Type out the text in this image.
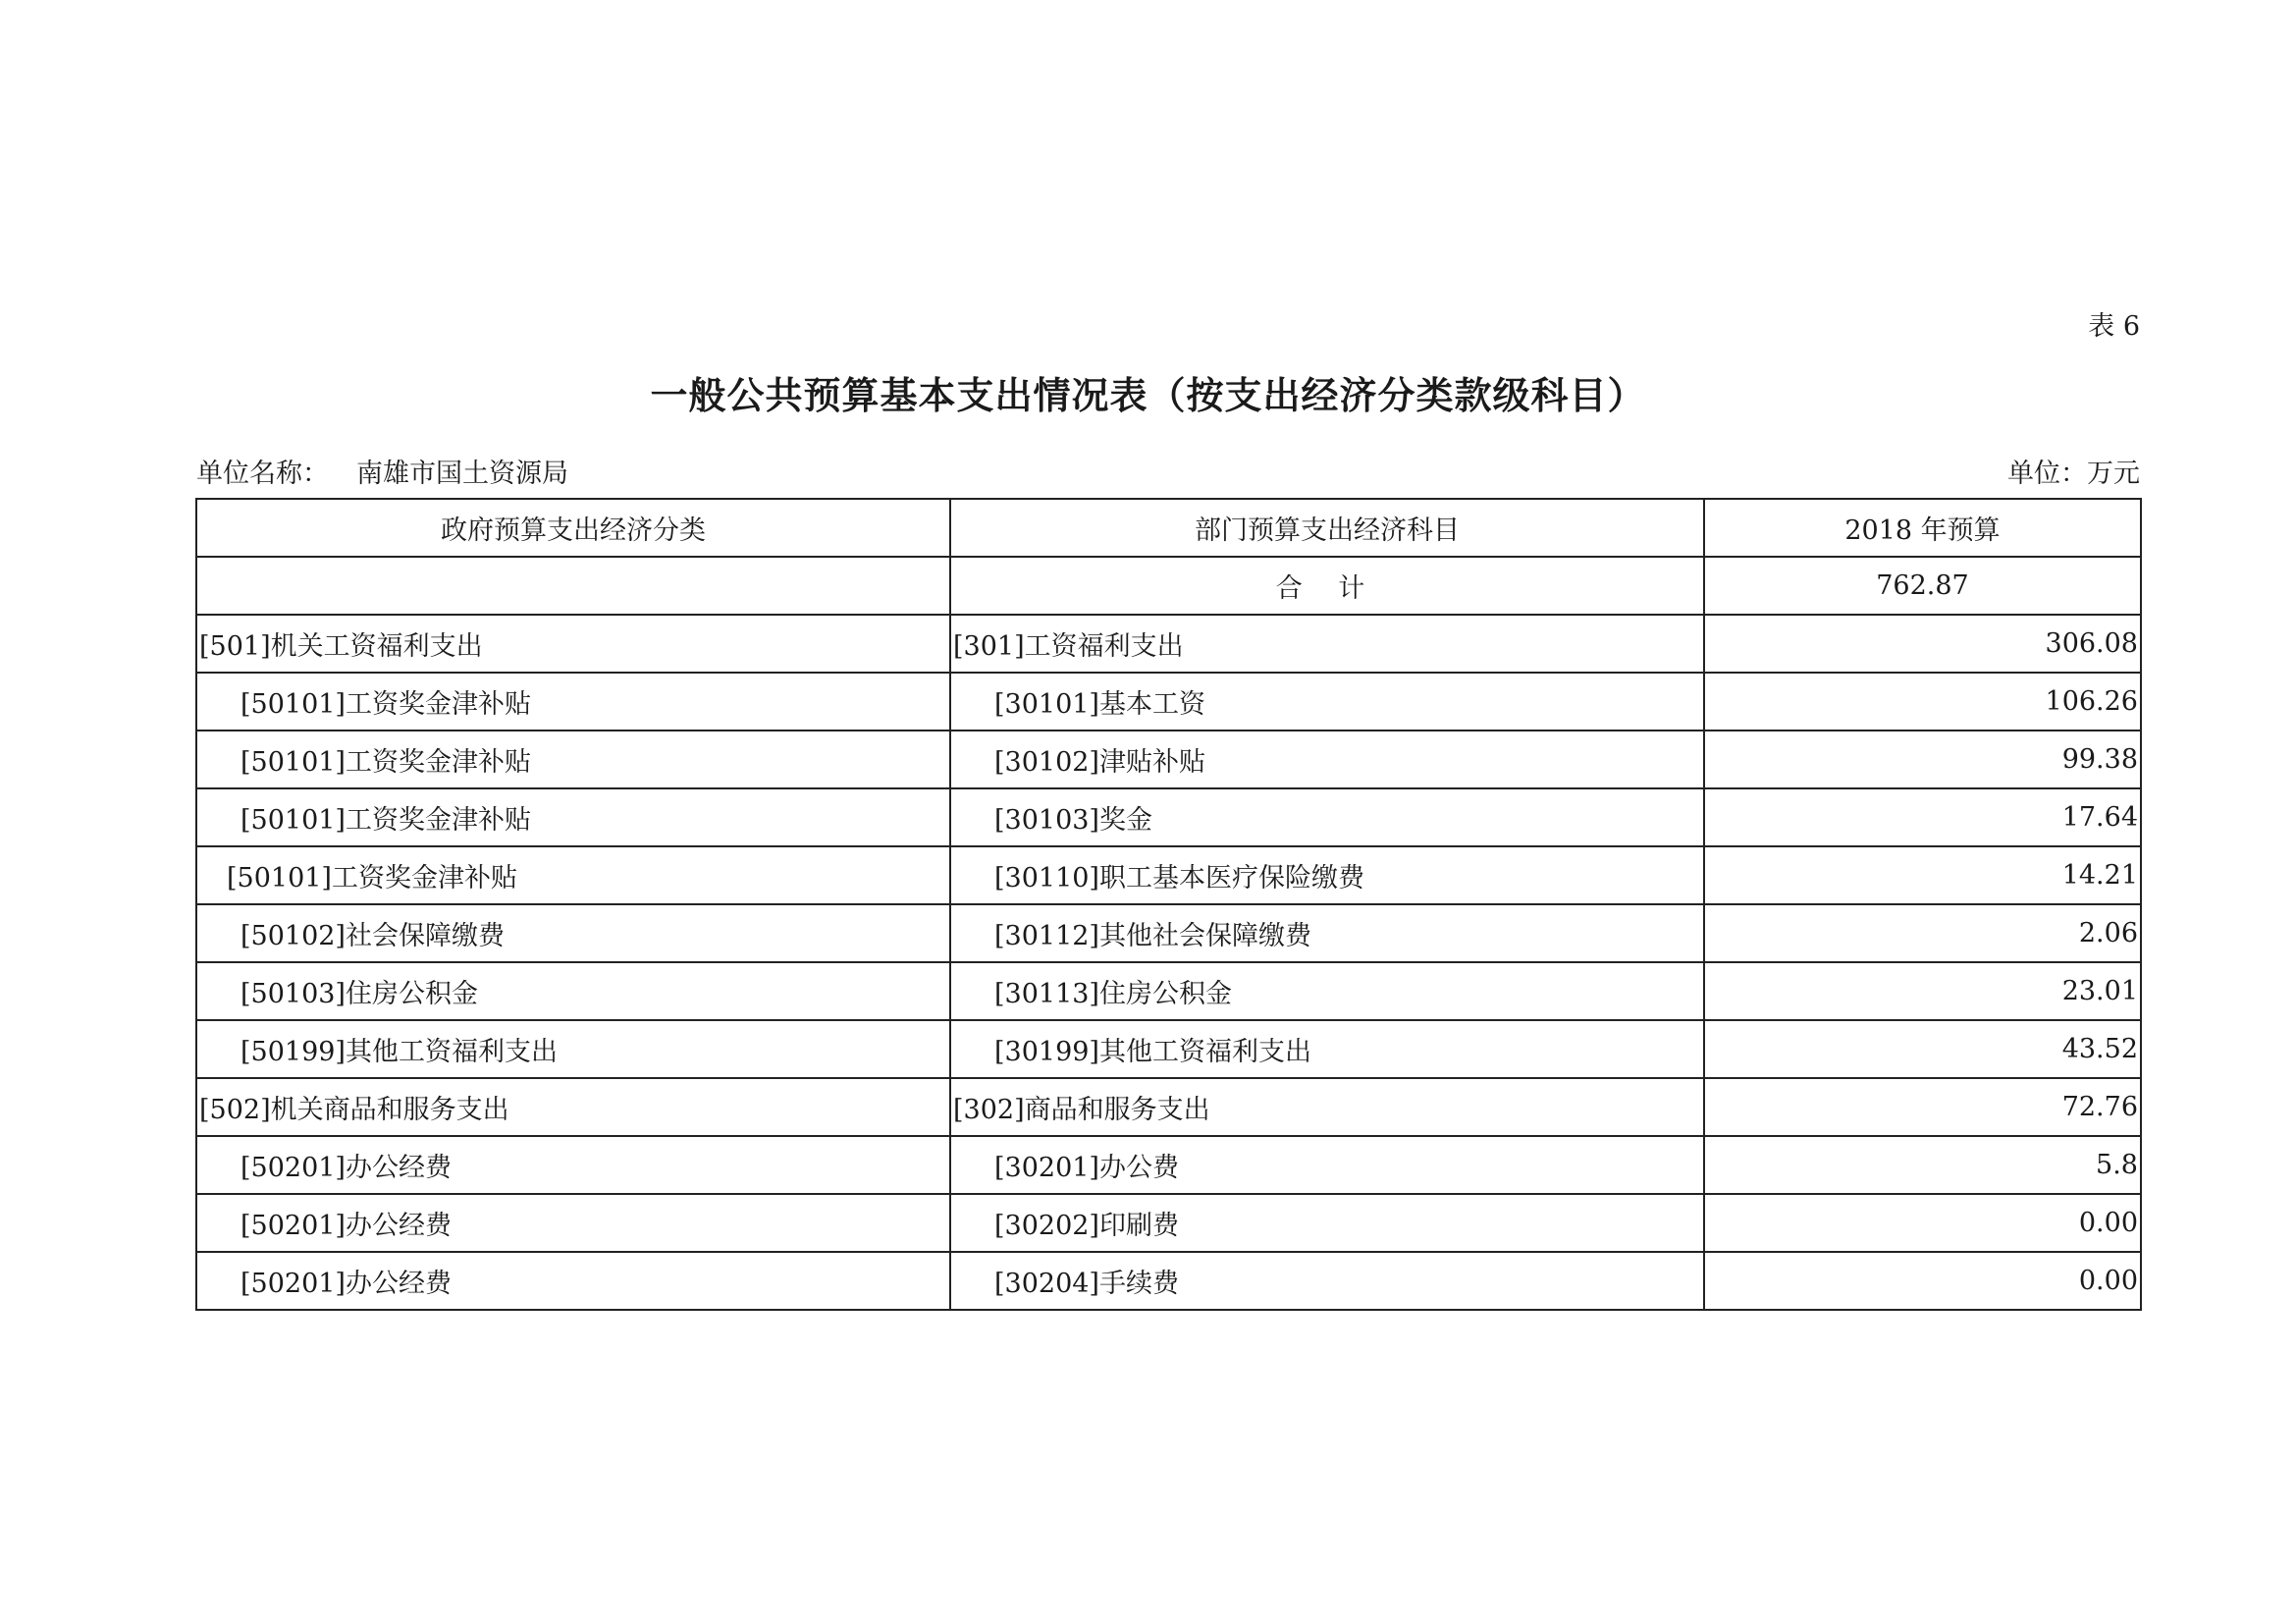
表 6
一般公共预算基本支出情况表（按支出经济分类款级科目）
单位名称： 南雄市国土资源局	单位：万元
政府预算支出经济分类	部门预算支出经济科目	2018 年预算
	合 计	762.87
[501]机关工资福利支出	[301]工资福利支出	306.08
[50101]工资奖金津补贴	[30101]基本工资	106.26
[50101]工资奖金津补贴	[30102]津贴补贴	99.38
[50101]工资奖金津补贴	[30103]奖金	17.64
[50101]工资奖金津补贴	[30110]职工基本医疗保险缴费	14.21
[50102]社会保障缴费	[30112]其他社会保障缴费	2.06
[50103]住房公积金	[30113]住房公积金	23.01
[50199]其他工资福利支出	[30199]其他工资福利支出	43.52
[502]机关商品和服务支出	[302]商品和服务支出	72.76
[50201]办公经费	[30201]办公费	5.8
[50201]办公经费	[30202]印刷费	0.00
[50201]办公经费	[30204]手续费	0.00
